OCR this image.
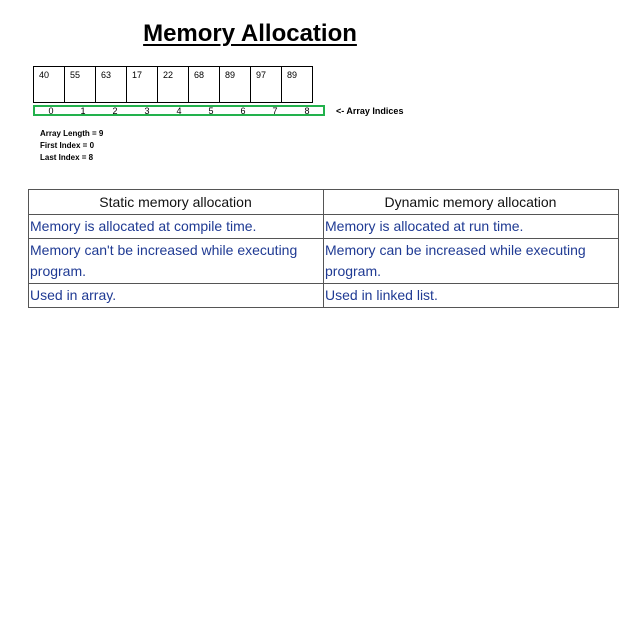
Memory Allocation
40	55	63	17	22	68	89	97	89
0	1	2	3	4	5	6	7	8	<- Array Indices
Array Length = 9
First Index = 0
Last Index = 8
Static memory allocation	Dynamic memory allocation
Memory is allocated at compile time.	Memory is allocated at run time.
Memory can't be increased while executing program.	Memory can be increased while executing program.
Used in array.	Used in linked list.
